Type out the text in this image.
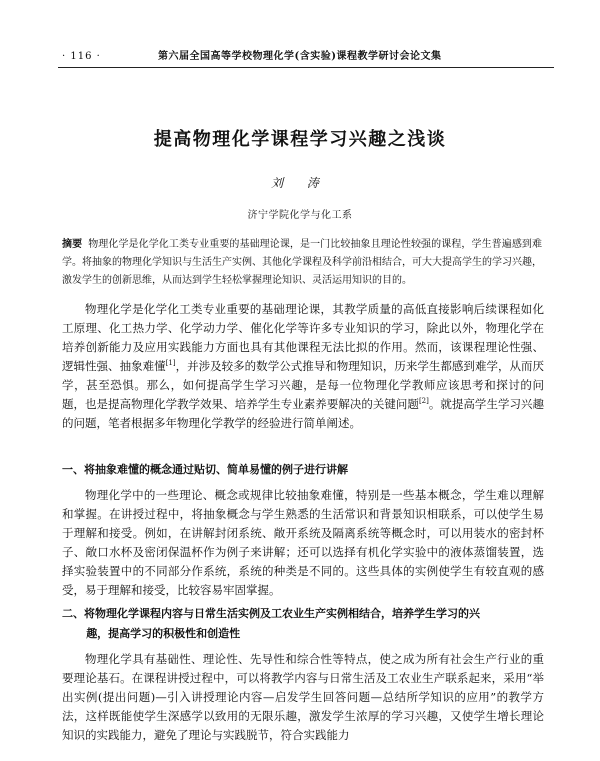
· 116 ·	第六届全国高等学校物理化学(含实验)课程教学研讨会论文集
提高物理化学课程学习兴趣之浅谈
刘 涛
济宁学院化学与化工系
摘要 物理化学是化学化工类专业重要的基础理论课，是一门比较抽象且理论性较强的课程，学生普遍感到难学。将抽象的物理化学知识与生活生产实例、其他化学课程及科学前沿相结合，可大大提高学生的学习兴趣，激发学生的创新思维，从而达到学生轻松掌握理论知识、灵活运用知识的目的。
物理化学是化学化工类专业重要的基础理论课，其教学质量的高低直接影响后续课程如化工原理、化工热力学、化学动力学、催化化学等许多专业知识的学习，除此以外，物理化学在培养创新能力及应用实践能力方面也具有其他课程无法比拟的作用。然而，该课程理论性强、逻辑性强、抽象难懂[1]，并涉及较多的数学公式推导和物理知识，历来学生都感到难学，从而厌学，甚至恐惧。那么，如何提高学生学习兴趣，是每一位物理化学教师应该思考和探讨的问题，也是提高物理化学教学效果、培养学生专业素养要解决的关键问题[2]。就提高学生学习兴趣的问题，笔者根据多年物理化学教学的经验进行简单阐述。
一、将抽象难懂的概念通过贴切、简单易懂的例子进行讲解
物理化学中的一些理论、概念或规律比较抽象难懂，特别是一些基本概念，学生难以理解和掌握。在讲授过程中，将抽象概念与学生熟悉的生活常识和背景知识相联系，可以使学生易于理解和接受。例如，在讲解封闭系统、敞开系统及隔离系统等概念时，可以用装水的密封杯子、敞口水杯及密闭保温杯作为例子来讲解；还可以选择有机化学实验中的液体蒸馏装置，选择实验装置中的不同部分作系统，系统的种类是不同的。这些具体的实例使学生有较直观的感受，易于理解和接受，比较容易牢固掌握。
二、将物理化学课程内容与日常生活实例及工农业生产实例相结合，培养学生学习的兴
趣，提高学习的积极性和创造性
物理化学具有基础性、理论性、先导性和综合性等特点，使之成为所有社会生产行业的重要理论基石。在课程讲授过程中，可以将教学内容与日常生活及工农业生产联系起来，采用“举出实例(提出问题)—引入讲授理论内容—启发学生回答问题—总结所学知识的应用”的教学方法，这样既能使学生深感学以致用的无限乐趣，激发学生浓厚的学习兴趣，又使学生增长理论知识的实践能力，避免了理论与实践脱节，符合实践能力
